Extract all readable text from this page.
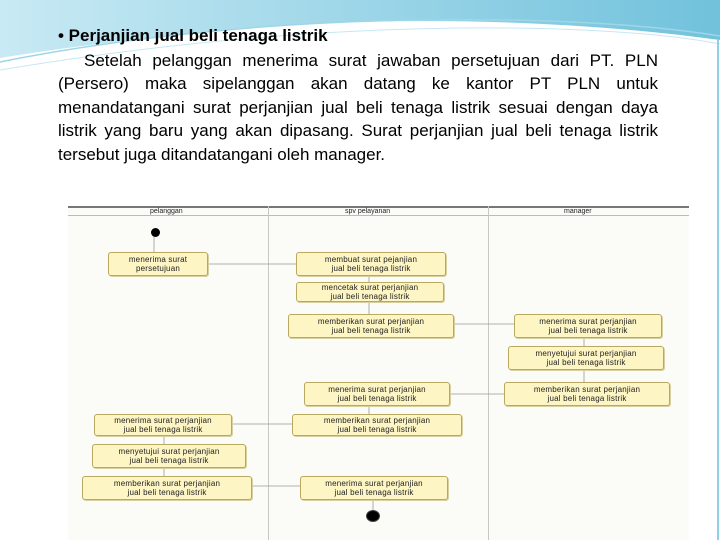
• Perjanjian jual beli tenaga listrik
Setelah pelanggan menerima surat jawaban persetujuan dari PT. PLN (Persero) maka sipelanggan akan datang ke kantor PT PLN untuk menandatangani surat perjanjian jual beli tenaga listrik sesuai dengan daya listrik yang baru yang akan dipasang. Surat perjanjian jual beli tenaga listrik tersebut juga ditandatangani oleh manager.
pelanggan	spv pelayanan	manager
menerima surat
persetujuan
membuat surat pejanjian
jual beli tenaga listrik
mencetak surat perjanjian
jual beli tenaga listrik
memberikan surat perjanjian
jual beli tenaga listrik
menerima surat perjanjian
jual beli tenaga listrik
menyetujui surat perjanjian
jual beli tenaga listrik
memberikan surat perjanjian
jual beli tenaga listrik
menerima surat perjanjian
jual beli tenaga listrik
menerima surat perjanjian
jual beli tenaga listrik
memberikan surat perjanjian
jual beli tenaga listrik
menyetujui surat perjanjian
jual beli tenaga listrik
memberikan surat perjanjian
jual beli tenaga listrik
menerima surat perjanjian
jual beli tenaga listrik
